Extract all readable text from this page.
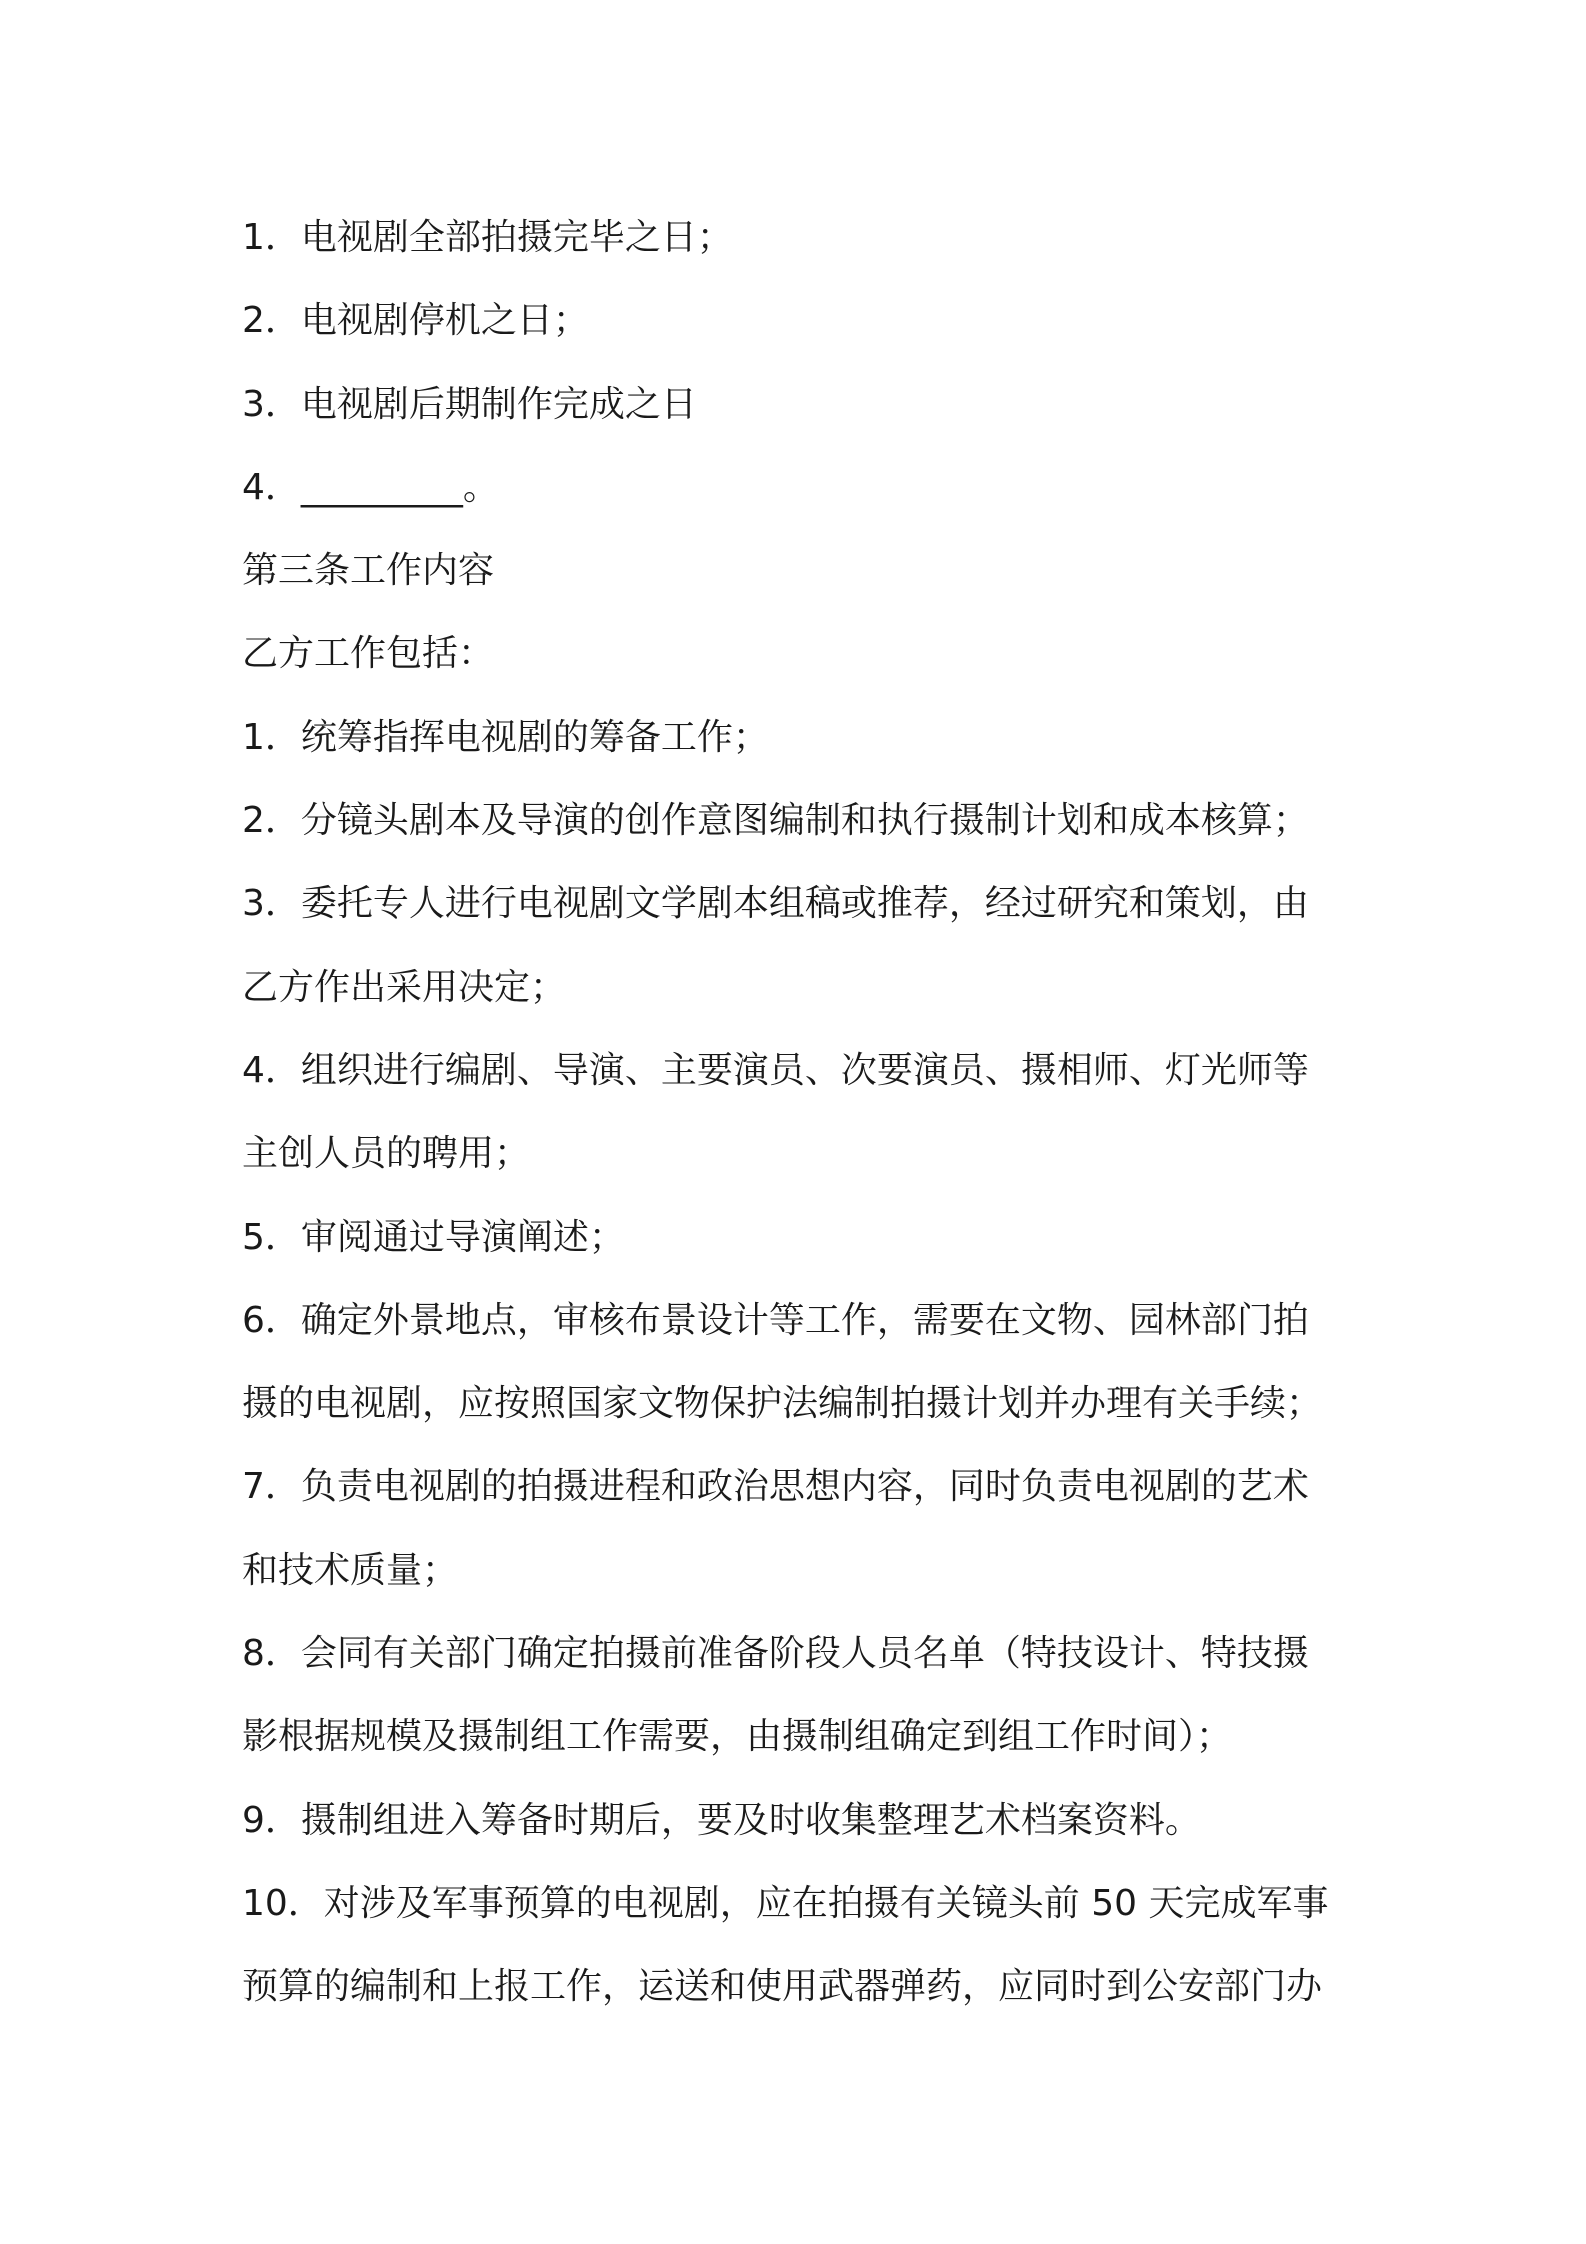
1．电视剧全部拍摄完毕之日；
2．电视剧停机之日；
3．电视剧后期制作完成之日
4．_________。
第三条工作内容
乙方工作包括：
1．统筹指挥电视剧的筹备工作；
2．分镜头剧本及导演的创作意图编制和执行摄制计划和成本核算；
3．委托专人进行电视剧文学剧本组稿或推荐，经过研究和策划，由
乙方作出采用决定；
4．组织进行编剧、导演、主要演员、次要演员、摄相师、灯光师等
主创人员的聘用；
5．审阅通过导演阐述；
6．确定外景地点，审核布景设计等工作，需要在文物、园林部门拍
摄的电视剧，应按照国家文物保护法编制拍摄计划并办理有关手续；
7．负责电视剧的拍摄进程和政治思想内容，同时负责电视剧的艺术
和技术质量；
8．会同有关部门确定拍摄前准备阶段人员名单（特技设计、特技摄
影根据规模及摄制组工作需要，由摄制组确定到组工作时间）；
9．摄制组进入筹备时期后，要及时收集整理艺术档案资料。
10．对涉及军事预算的电视剧，应在拍摄有关镜头前 50 天完成军事
预算的编制和上报工作，运送和使用武器弹药，应同时到公安部门办
